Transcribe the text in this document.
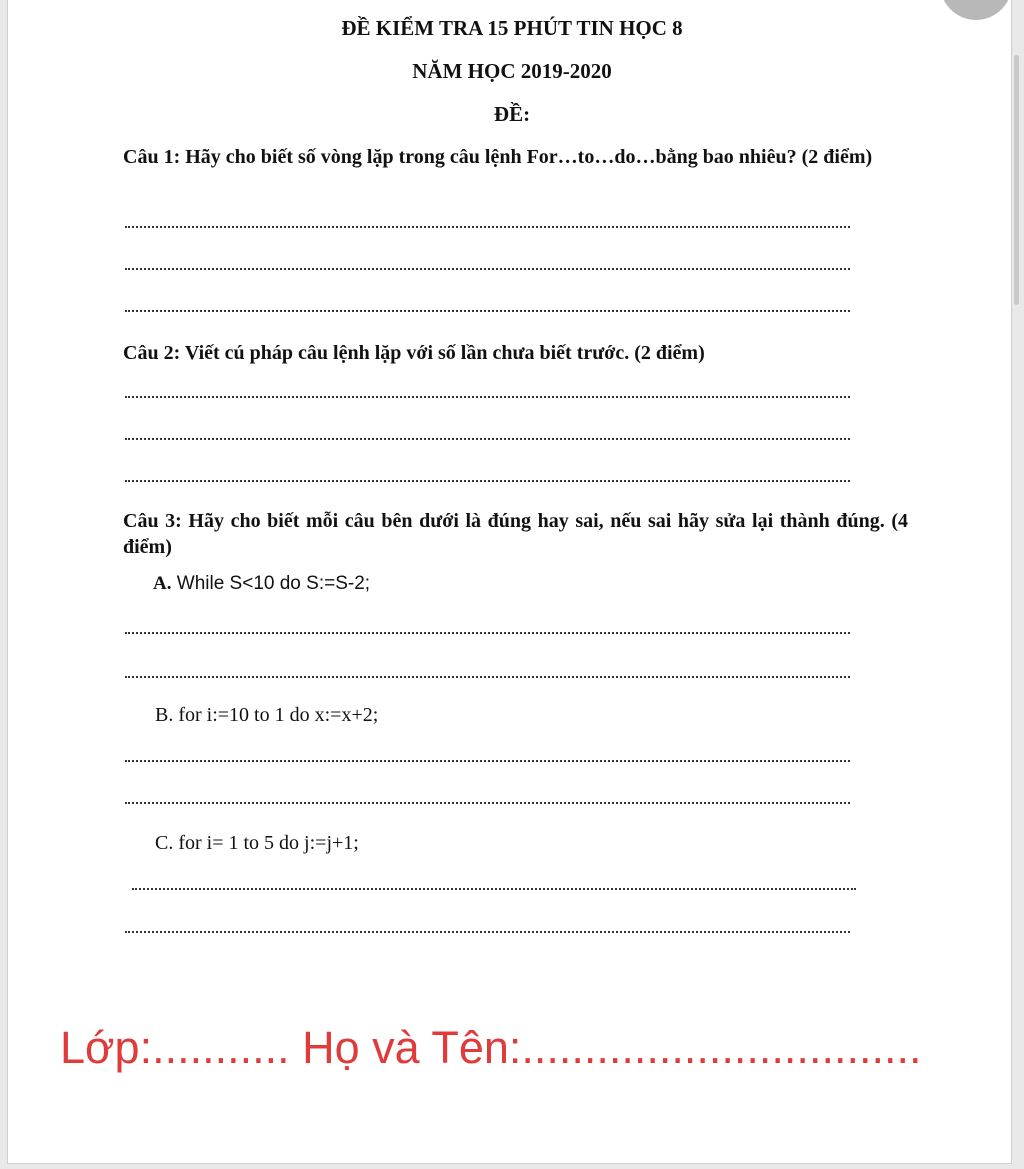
ĐỀ KIỂM TRA 15 PHÚT TIN HỌC 8
NĂM HỌC 2019-2020
ĐỀ:
Câu 1: Hãy cho biết số vòng lặp trong câu lệnh For…to…do…bằng bao nhiêu? (2 điểm)
Câu 2: Viết cú pháp câu lệnh lặp với số lần chưa biết trước. (2 điểm)
Câu 3: Hãy cho biết mỗi câu bên dưới là đúng hay sai, nếu sai hãy sửa lại thành đúng. (4 điểm)
A. While S<10 do S:=S-2;
B. for i:=10 to 1 do x:=x+2;
C. for i= 1 to 5 do j:=j+1;
Lớp:........... Họ và Tên:................................
